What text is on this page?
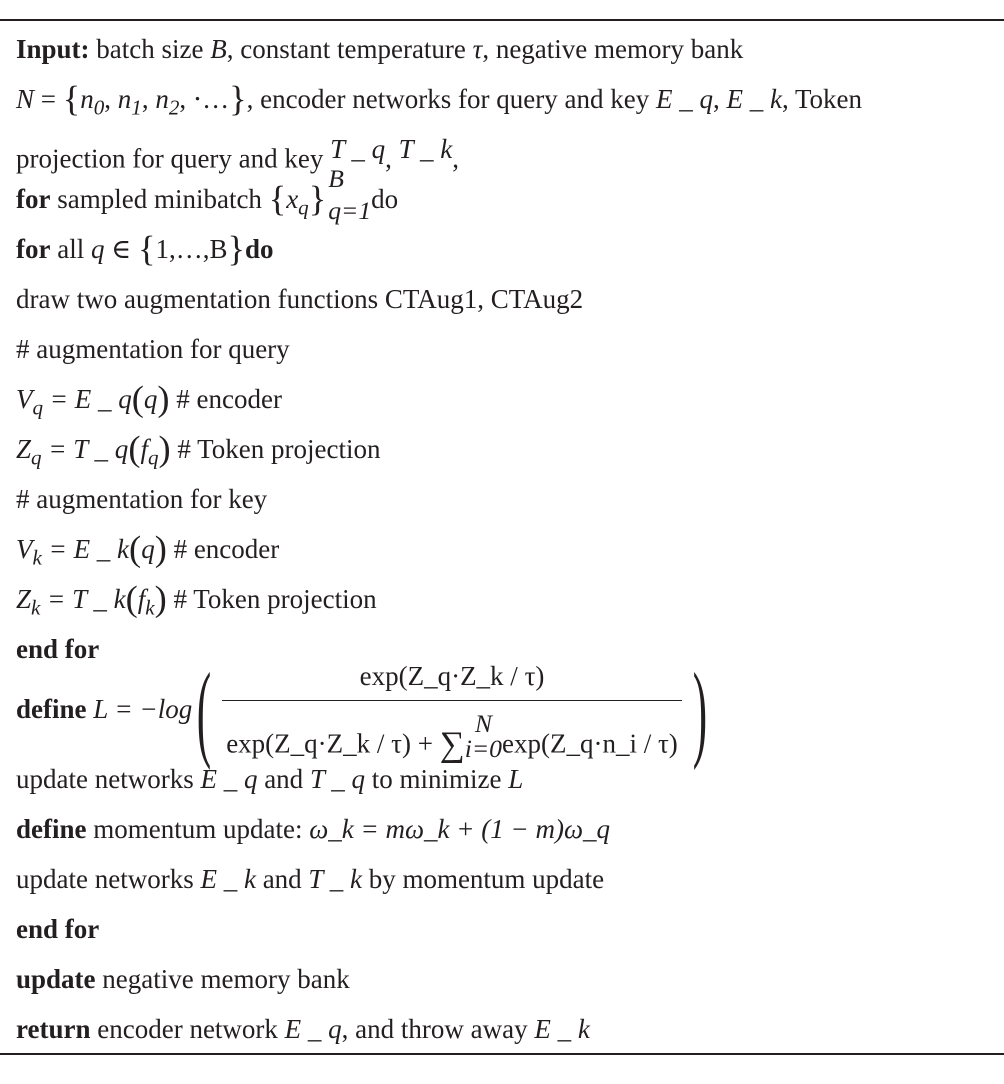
Input: batch size B, constant temperature τ, negative memory bank
$N = \{n_0$, $n_1$, $n_2$, ⋅…}, encoder networks for query and key E _ q, E _ k, Token
projection for query and key T _ q, T _ k,
for sampled minibatch $\{x_q\}$ B
q=1 do
for all q ∈ {1,…,B}do
draw two augmentation functions CTAug1, CTAug2
# augmentation for query
$V_q = E$ _ q(q) # encoder
$Z_q = T$ _ $q(f_q)$ # Token projection
# augmentation for key
$V_k = E$ _ k(q) # encoder
$Z_k = T$ _ $k(f_k)$ # Token projection
end for
define L = −log( exp(Z_q·Z_k / τ)
exp(Z_q·Z_k / τ) + ∑
N
i=0 exp(Z_q·n_i / τ) )
update networks E _ q and T _ q to minimize L
define momentum update: ω_k = mω_k + (1 − m)ω_q
update networks E _ k and T _ k by momentum update
end for
update negative memory bank
return encoder network E _ q, and throw away E _ k
